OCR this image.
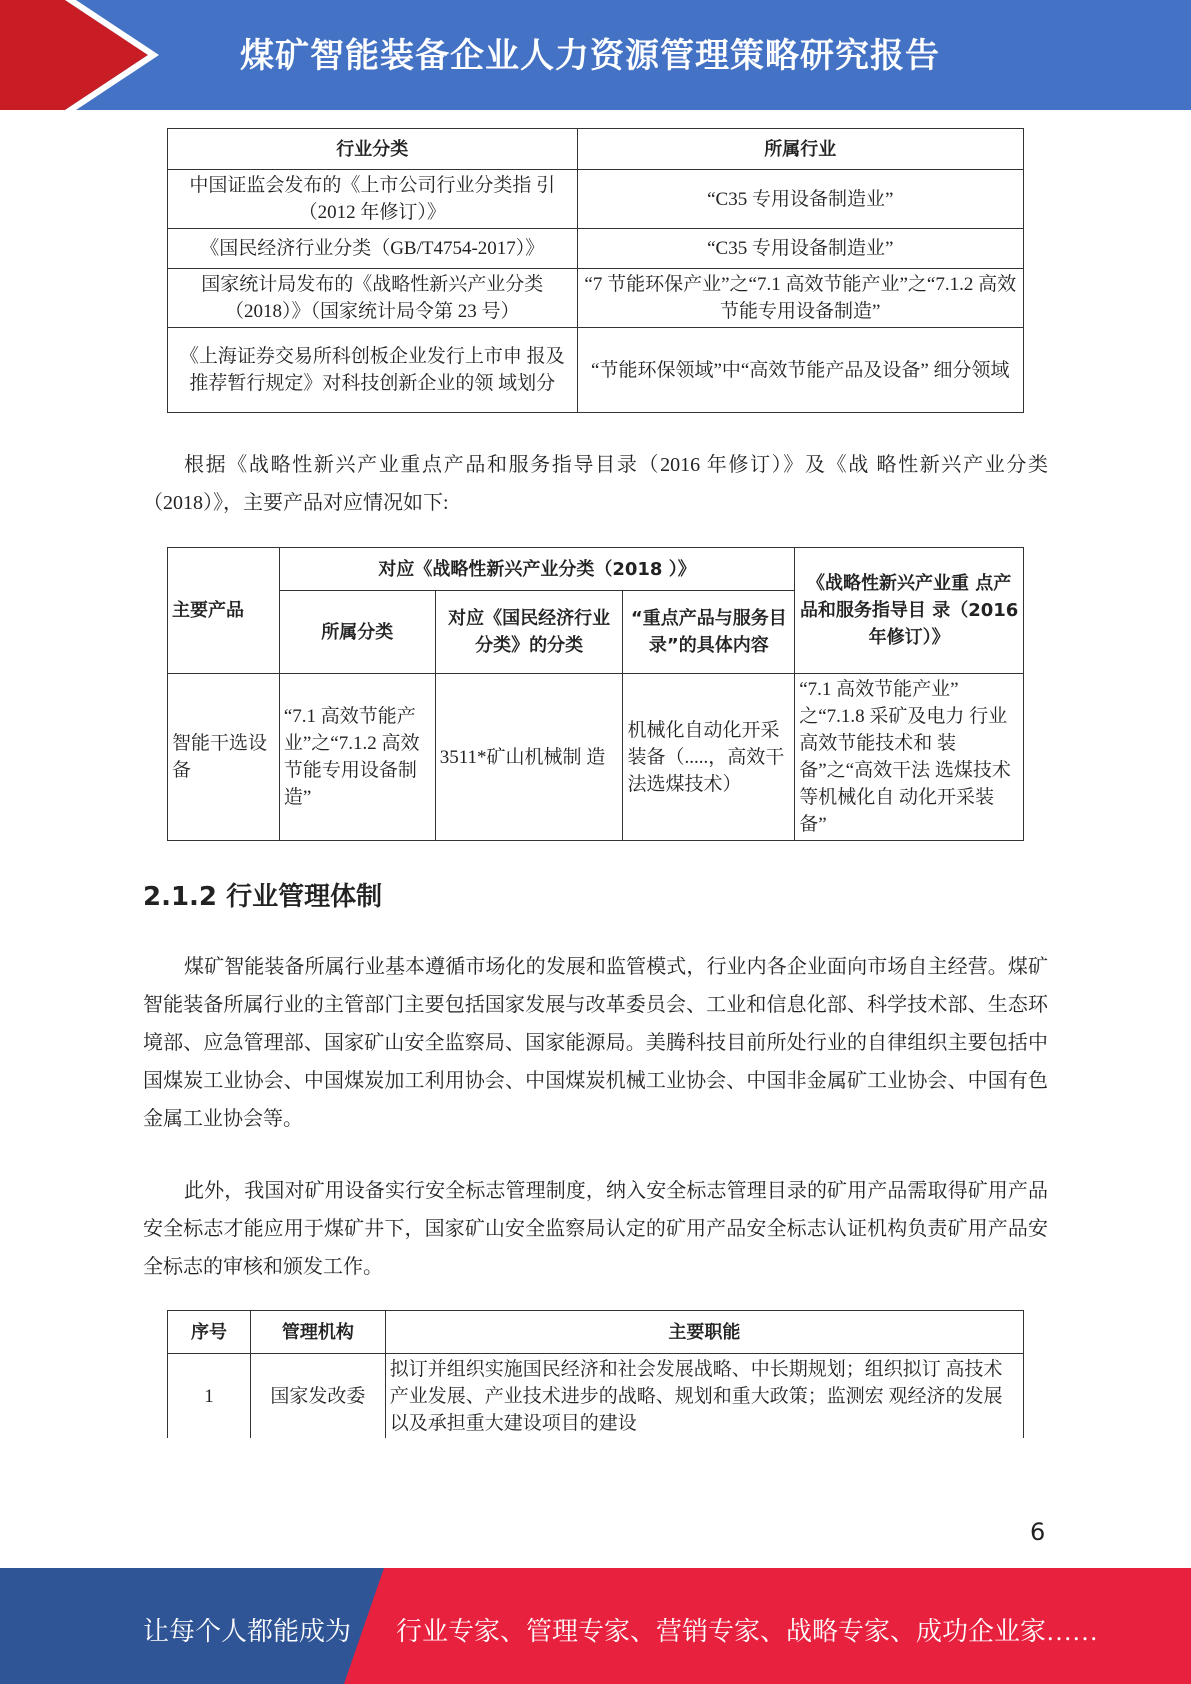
煤矿智能装备企业人力资源管理策略研究报告
行业分类	所属行业
中国证监会发布的《上市公司行业分类指 引（2012 年修订）》	“C35 专用设备制造业”
《国民经济行业分类（GB/T4754-2017）》	“C35 专用设备制造业”
国家统计局发布的《战略性新兴产业分类（2018）》（国家统计局令第 23 号）	“7 节能环保产业”之“7.1 高效节能产业”之“7.1.2 高效节能专用设备制造”
《上海证券交易所科创板企业发行上市申 报及推荐暂行规定》对科技创新企业的领 域划分	“节能环保领域”中“高效节能产品及设备” 细分领域
根据《战略性新兴产业重点产品和服务指导目录（2016 年修订）》及《战 略性新兴产业分类（2018）》，主要产品对应情况如下:
主要产品	对应《战略性新兴产业分类（2018 ）》			《战略性新兴产业重 点产品和服务指导目 录（2016 年修订）》
	所属分类	对应《国民经济行业分类》的分类	“重点产品与服务目录”的具体内容	
智能干选设备	“7.1 高效节能产业”之“7.1.2 高效节能专用设备制造”	3511*矿山机械制 造	机械化自动化开采装备（.....，高效干法选煤技术）	“7.1 高效节能产业” 之“7.1.8 采矿及电力 行业高效节能技术和 装备”之“高效干法 选煤技术等机械化自 动化开采装备”
2.1.2 行业管理体制
煤矿智能装备所属行业基本遵循市场化的发展和监管模式，行业内各企业面向市场自主经营。煤矿智能装备所属行业的主管部门主要包括国家发展与改革委员会、工业和信息化部、科学技术部、生态环境部、应急管理部、国家矿山安全监察局、国家能源局。美腾科技目前所处行业的自律组织主要包括中国煤炭工业协会、中国煤炭加工利用协会、中国煤炭机械工业协会、中国非金属矿工业协会、中国有色金属工业协会等。
此外，我国对矿用设备实行安全标志管理制度，纳入安全标志管理目录的矿用产品需取得矿用产品安全标志才能应用于煤矿井下，国家矿山安全监察局认定的矿用产品安全标志认证机构负责矿用产品安全标志的审核和颁发工作。
序号	管理机构	主要职能
1	国家发改委	拟订并组织实施国民经济和社会发展战略、中长期规划；组织拟订 高技术产业发展、产业技术进步的战略、规划和重大政策；监测宏 观经济的发展以及承担重大建设项目的建设
6
让每个人都能成为 行业专家、管理专家、营销专家、战略专家、成功企业家……
